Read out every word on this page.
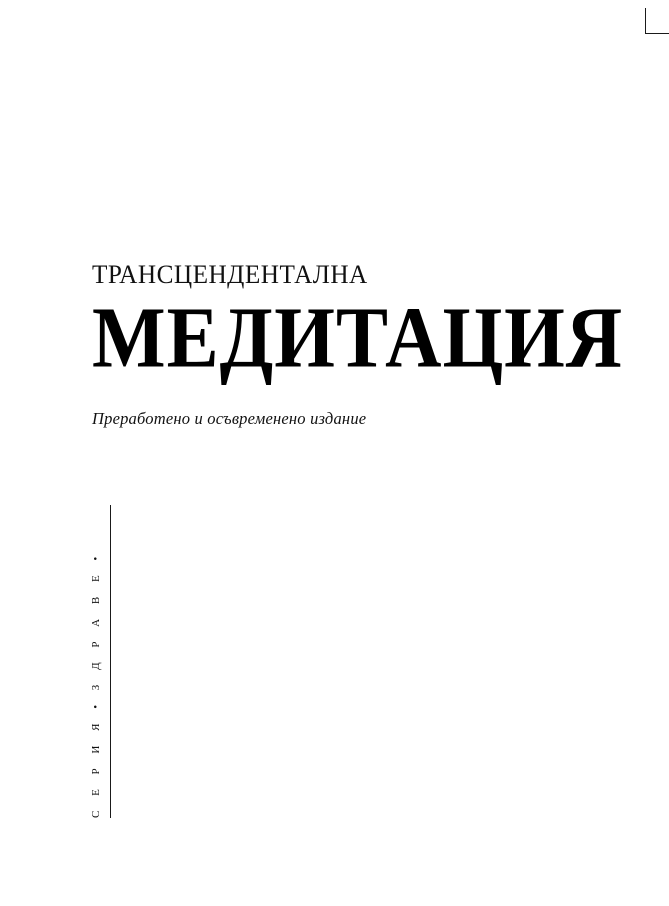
ТРАНСЦЕНДЕНТАЛНА
МЕДИТАЦИЯ
Преработено и осъвременено издание
С Е Р И Я • З Д Р А В Е •
